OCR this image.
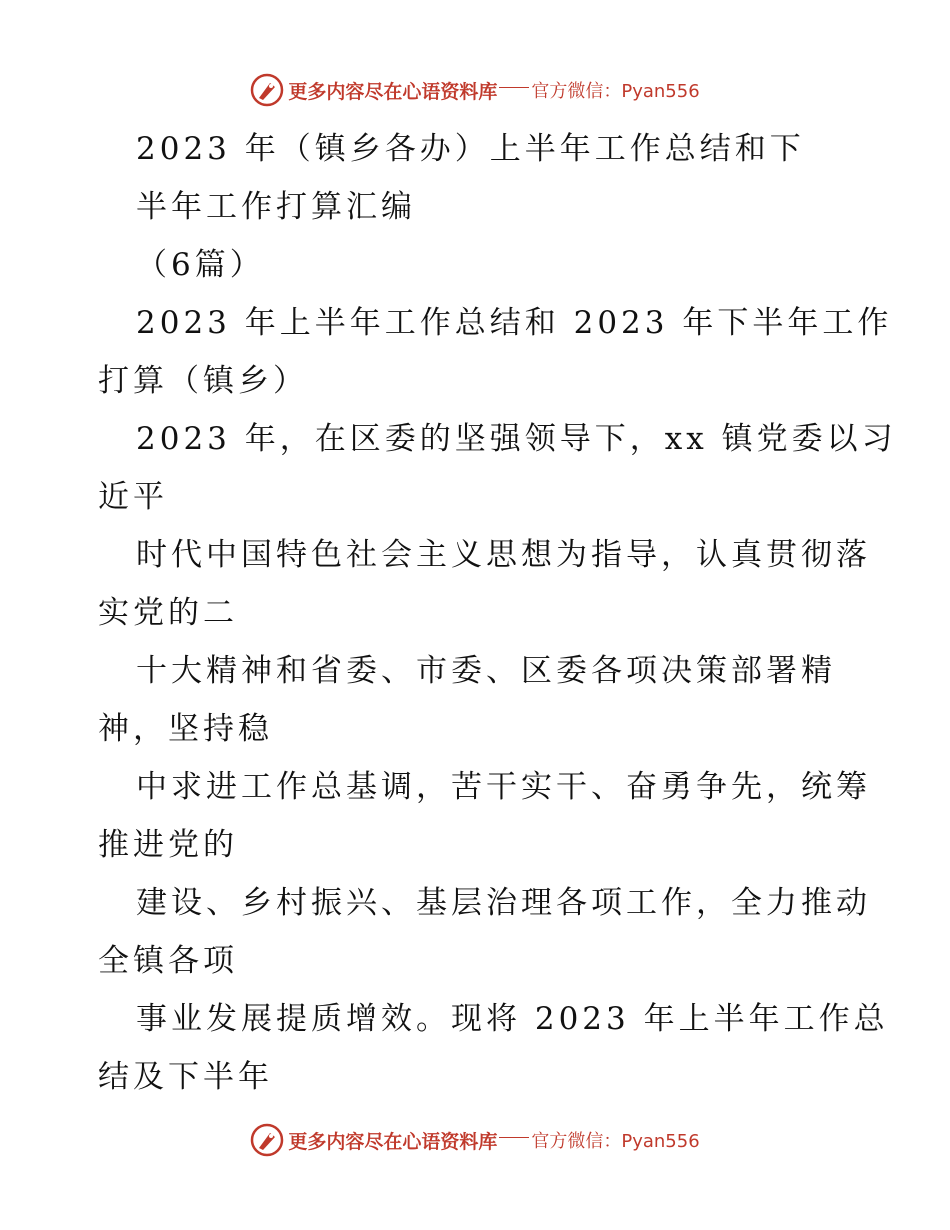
更多内容尽在心语资料库 官方微信：Pyan556
2023 年（镇乡各办）上半年工作总结和下
半年工作打算汇编
（6篇）
2023 年上半年工作总结和 2023 年下半年工作
打算（镇乡）
2023 年，在区委的坚强领导下，xx 镇党委以习
近平
时代中国特色社会主义思想为指导，认真贯彻落
实党的二
十大精神和省委、市委、区委各项决策部署精
神，坚持稳
中求进工作总基调，苦干实干、奋勇争先，统筹
推进党的
建设、乡村振兴、基层治理各项工作，全力推动
全镇各项
事业发展提质增效。现将 2023 年上半年工作总
结及下半年
更多内容尽在心语资料库 官方微信：Pyan556
